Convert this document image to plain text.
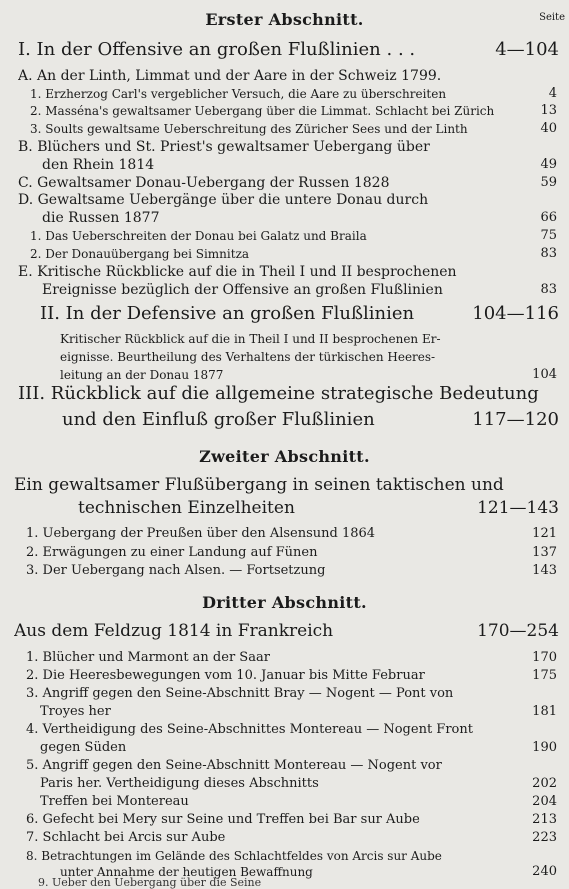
Seite
Erster Abschnitt.
I. In der Offensive an großen Flußlinien . . .	4—104
A. An der Linth, Limmat und der Aare in der Schweiz 1799.
1. Erzherzog Carl's vergeblicher Versuch, die Aare zu überschreiten	4
2. Masséna's gewaltsamer Uebergang über die Limmat. Schlacht bei Zürich	13
3. Soults gewaltsame Ueberschreitung des Züricher Sees und der Linth	40
B. Blüchers und St. Priest's gewaltsamer Uebergang über
den Rhein 1814	49
C. Gewaltsamer Donau-Uebergang der Russen 1828	59
D. Gewaltsame Uebergänge über die untere Donau durch
die Russen 1877	66
1. Das Ueberschreiten der Donau bei Galatz und Braila	75
2. Der Donauübergang bei Simnitza	83
E. Kritische Rückblicke auf die in Theil I und II besprochenen
Ereignisse bezüglich der Offensive an großen Flußlinien	83
II. In der Defensive an großen Flußlinien	104—116
Kritischer Rückblick auf die in Theil I und II besprochenen Er-
eignisse. Beurtheilung des Verhaltens der türkischen Heeres-
leitung an der Donau 1877	104
III. Rückblick auf die allgemeine strategische Bedeutung
und den Einfluß großer Flußlinien	117—120
Zweiter Abschnitt.
Ein gewaltsamer Flußübergang in seinen taktischen und
technischen Einzelheiten	121—143
1. Uebergang der Preußen über den Alsensund 1864	121
2. Erwägungen zu einer Landung auf Fünen	137
3. Der Uebergang nach Alsen. — Fortsetzung	143
Dritter Abschnitt.
Aus dem Feldzug 1814 in Frankreich	170—254
1. Blücher und Marmont an der Saar	170
2. Die Heeresbewegungen vom 10. Januar bis Mitte Februar	175
3. Angriff gegen den Seine-Abschnitt Bray — Nogent — Pont von
Troyes her	181
4. Vertheidigung des Seine-Abschnittes Montereau — Nogent Front
gegen Süden	190
5. Angriff gegen den Seine-Abschnitt Montereau — Nogent vor
Paris her. Vertheidigung dieses Abschnitts	202
Treffen bei Montereau	204
6. Gefecht bei Mery sur Seine und Treffen bei Bar sur Aube	213
7. Schlacht bei Arcis sur Aube	223
8. Betrachtungen im Gelände des Schlachtfeldes von Arcis sur Aube
unter Annahme der heutigen Bewaffnung	240
9. Ueber den Uebergang über die Seine
